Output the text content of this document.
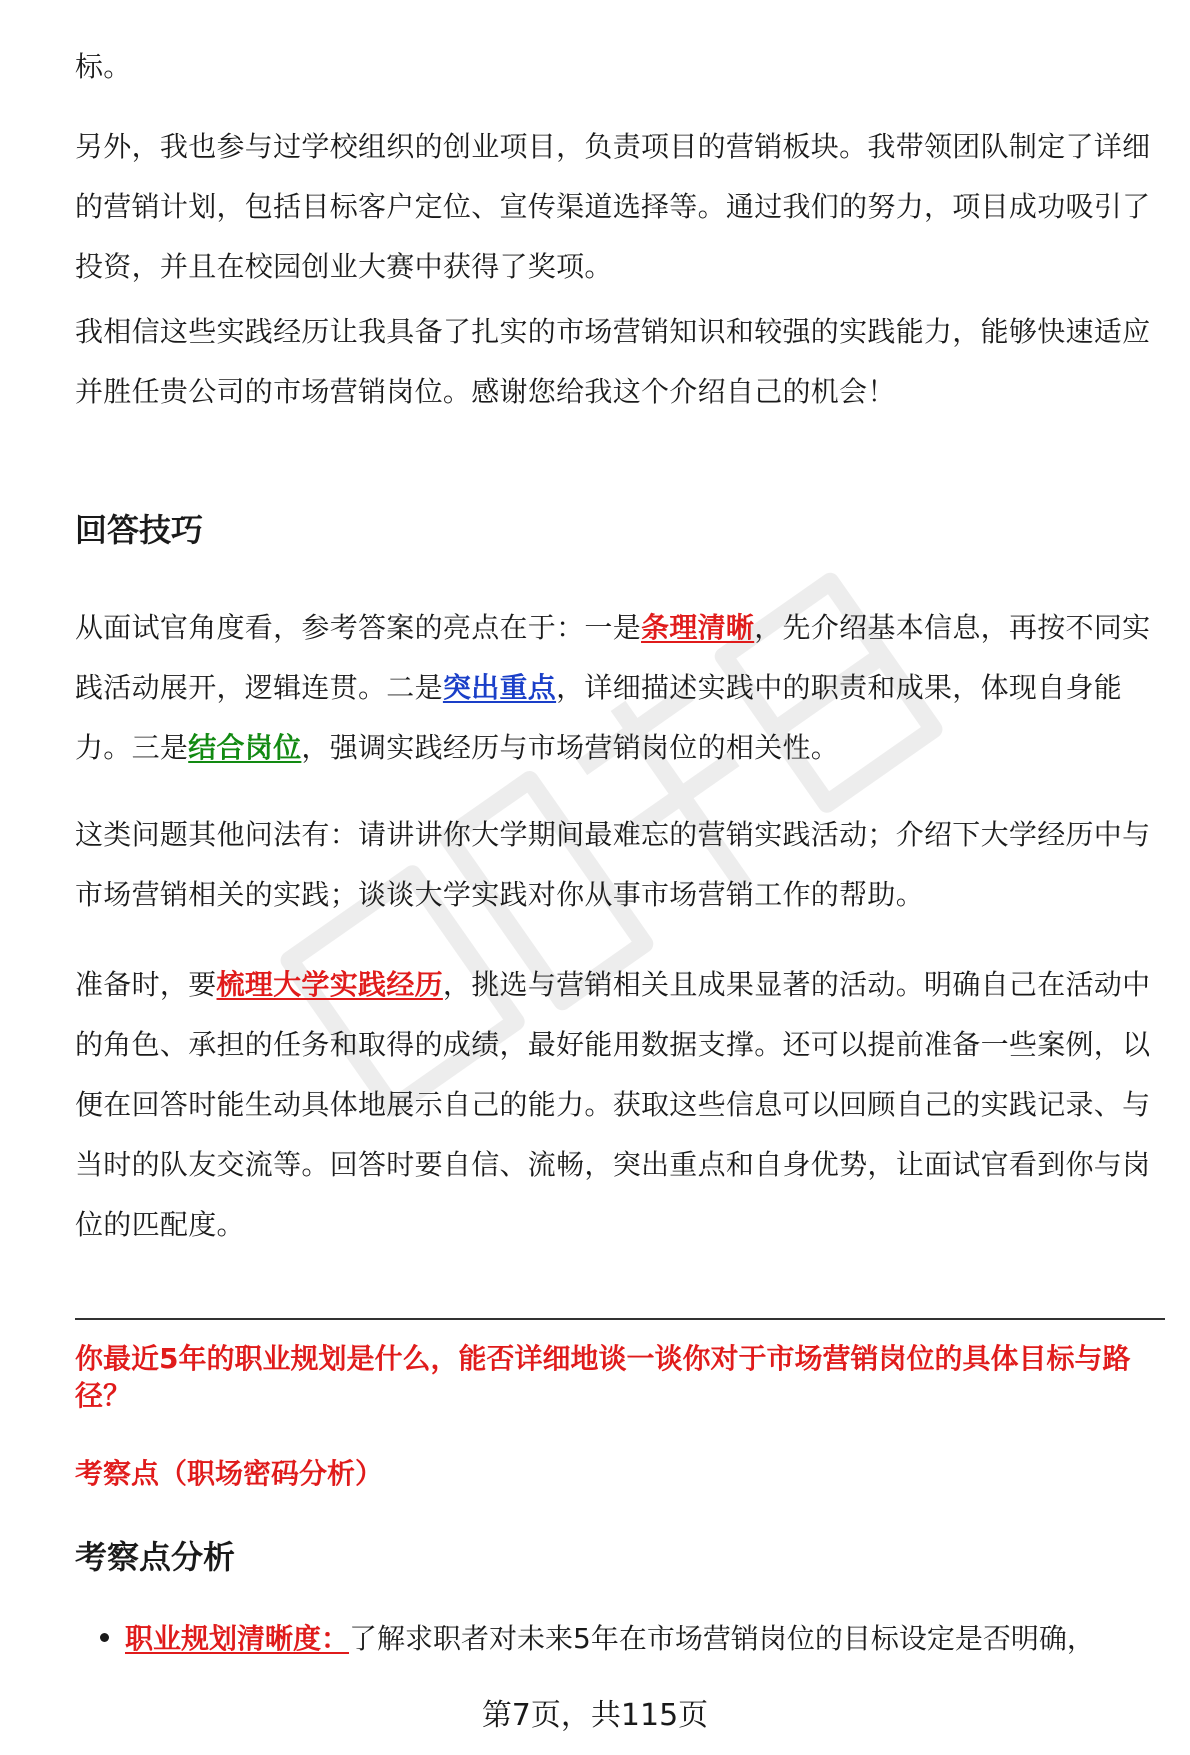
标。

另外，我也参与过学校组织的创业项目，负责项目的营销板块。我带领团队制定了详细的营销计划，包括目标客户定位、宣传渠道选择等。通过我们的努力，项目成功吸引了投资，并且在校园创业大赛中获得了奖项。

我相信这些实践经历让我具备了扎实的市场营销知识和较强的实践能力，能够快速适应并胜任贵公司的市场营销岗位。感谢您给我这个介绍自己的机会！

回答技巧

从面试官角度看，参考答案的亮点在于：一是条理清晰，先介绍基本信息，再按不同实践活动展开，逻辑连贯。二是突出重点，详细描述实践中的职责和成果，体现自身能力。三是结合岗位，强调实践经历与市场营销岗位的相关性。

这类问题其他问法有：请讲讲你大学期间最难忘的营销实践活动；介绍下大学经历中与市场营销相关的实践；谈谈大学实践对你从事市场营销工作的帮助。

准备时，要梳理大学实践经历，挑选与营销相关且成果显著的活动。明确自己在活动中的角色、承担的任务和取得的成绩，最好能用数据支撑。还可以提前准备一些案例，以便在回答时能生动具体地展示自己的能力。获取这些信息可以回顾自己的实践记录、与当时的队友交流等。回答时要自信、流畅，突出重点和自身优势，让面试官看到你与岗位的匹配度。

你最近5年的职业规划是什么，能否详细地谈一谈你对于市场营销岗位的具体目标与路径？

考察点（职场密码分析）

考察点分析
职业规划清晰度：了解求职者对未来5年在市场营销岗位的目标设定是否明确，
第7页，共115页
